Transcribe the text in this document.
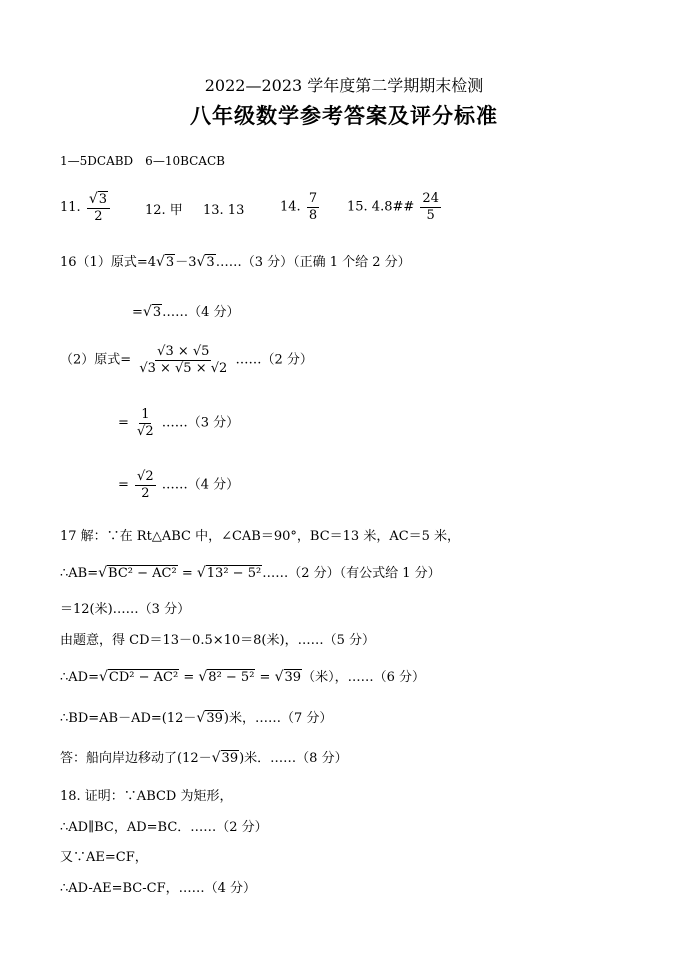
2022—2023 学年度第二学期期末检测
八年级数学参考答案及评分标准
1—5DCABD　6—10BCACB
11. $\frac{√3}{2}$	12. 甲 13. 13	14. $\frac{7}{8} 15$. 4.8## $\frac{24}{5}$
16（1）原式=4√3－3√3……（3 分）（正确 1 个给 2 分）
=√3……（4 分）
（2）原式= $\frac{√3 \times √5}{√3 \times √5 \times √2}$ ……（2 分）
= $\frac{1}{√2}$ ……（3 分）
= $\frac{√2}{2}$ ……（4 分）
17 解：∵在 Rt△ABC 中，∠CAB＝90°，BC＝13 米，AC＝5 米，
∴AB=√BC² − AC² = √13² − 5²……（2 分）（有公式给 1 分）
＝12(米)……（3 分）
由题意，得 CD＝13－0.5×10＝8(米)，……（5 分）
∴AD=√CD² − AC² = √8² − 5² = √39（米），……（6 分）
∴BD=AB－AD=(12－√39)米，……（7 分）
答：船向岸边移动了(12－√39)米．……（8 分）
18. 证明：∵ABCD 为矩形，
∴AD∥BC，AD=BC．……（2 分）
又∵AE=CF，
∴AD-AE=BC-CF，……（4 分）
